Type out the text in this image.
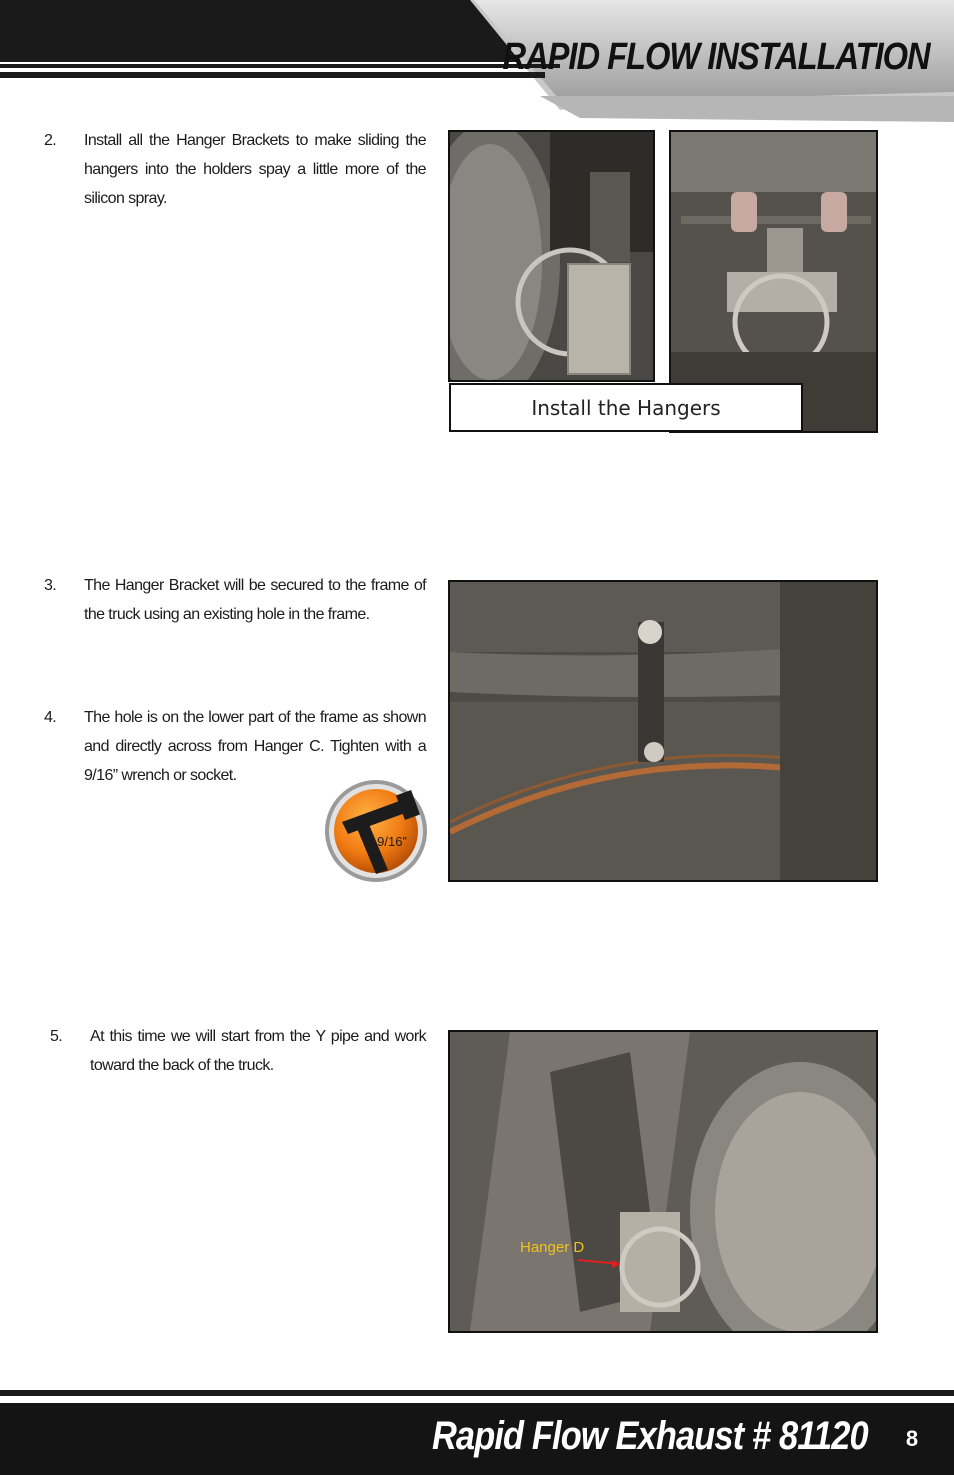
RAPID FLOW INSTALLATION
2. Install all the Hanger Brackets to make sliding the hangers into the holders spay a little more of the silicon spray.
Install the Hangers
3. The Hanger Bracket will be secured to the frame of the truck using an existing hole in the frame.
4. The hole is on the lower part of the frame as shown and directly across from Hanger C. Tighten with a 9/16” wrench or socket.
9/16”
5. At this time we will start from the Y pipe and work toward the back of the truck.
Hanger D
Rapid Flow Exhaust # 81120	8
